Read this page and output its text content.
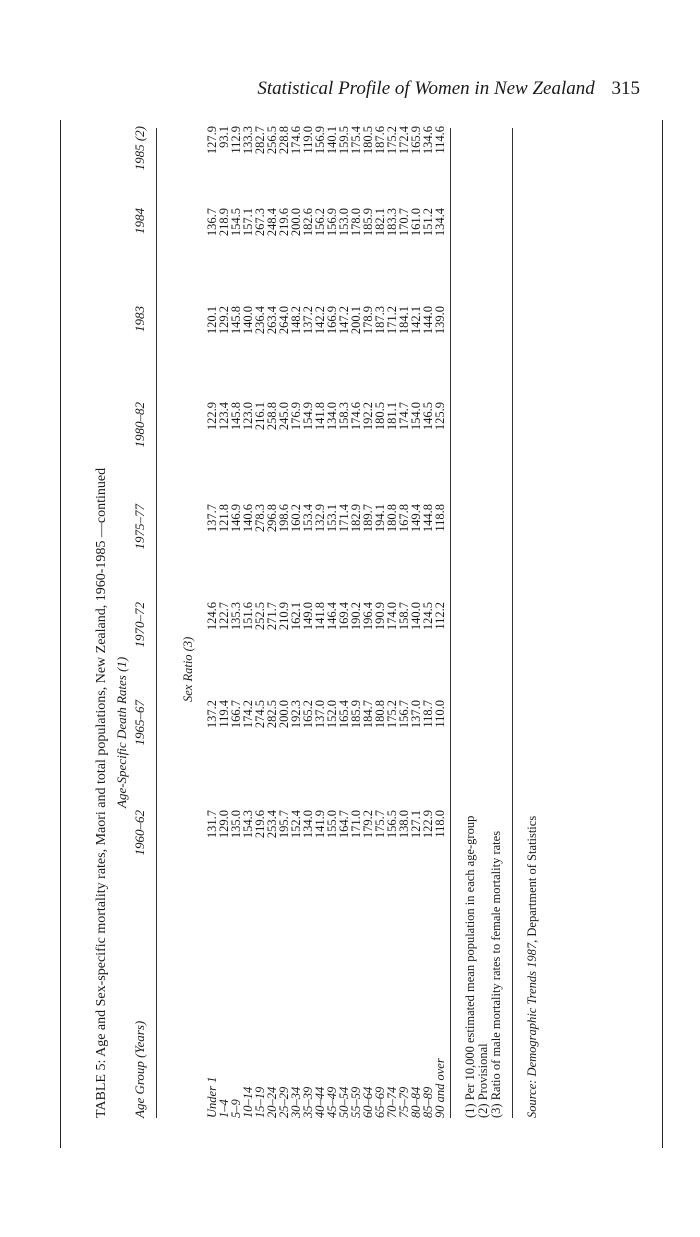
Statistical Profile of Women in New Zealand 315
TABLE 5: Age and Sex-specific mortality rates, Maori and total populations, New Zealand, 1960-1985 —continued Age-Specific Death Rates (1)
Age Group (Years)
1960–62
1965–67
1970–72
1975–77
1980–82
1983
1984
1985 (2)
Sex Ratio (3)
Under 1
1–4
5–9
10–14
15–19
20–24
25–29
30–34
35–39
40–44
45–49
50–54
55–59
60–64
65–69
70–74
75–79
80–84
85–89
90 and over
131.7
129.0
135.0
154.3
219.6
253.4
195.7
152.4
134.0
141.9
155.0
164.7
171.0
179.2
175.7
156.5
138.0
127.1
122.9
118.0
137.2
119.4
166.7
174.2
274.5
282.5
200.0
192.3
165.2
137.0
152.0
165.4
185.9
184.7
180.8
175.2
156.7
137.0
118.7
110.0
124.6
122.7
135.3
151.6
252.5
271.7
210.9
162.1
149.0
141.8
146.4
169.4
190.2
196.4
190.9
174.0
158.7
140.0
124.5
112.2
137.7
121.8
146.9
140.6
278.3
296.8
198.6
160.2
153.4
132.9
153.1
171.4
182.9
189.7
194.1
180.8
167.8
149.4
144.8
118.8
122.9
123.4
145.8
123.0
216.1
258.8
245.0
176.9
154.9
141.8
134.0
158.3
174.6
192.2
180.5
181.1
174.7
154.0
146.5
125.9
120.1
129.2
145.8
140.0
236.4
263.4
264.0
148.2
137.2
142.2
166.9
147.2
200.1
178.9
187.3
171.2
184.1
142.1
144.0
139.0
136.7
218.9
154.5
157.1
267.3
248.4
219.6
200.0
182.6
156.2
156.9
153.0
178.0
185.9
182.1
183.3
170.7
161.0
151.2
134.4
127.9
93.1
112.9
133.3
282.7
256.5
228.8
174.6
119.0
156.9
140.1
159.5
175.4
180.5
187.6
175.2
172.4
165.9
134.6
114.6
(1) Per 10,000 estimated mean population in each age-group (2) Provisional (3) Ratio of male mortality rates to female mortality rates Source: Demographic Trends 1987, Department of Statistics
